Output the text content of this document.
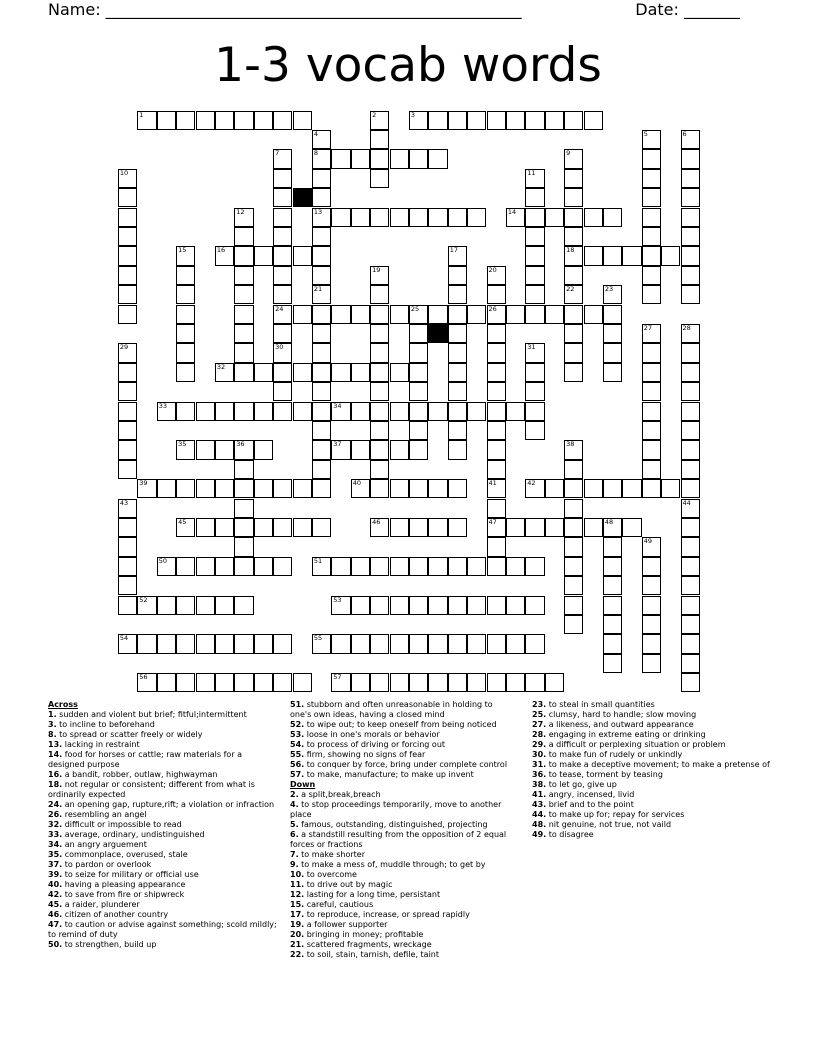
Name: ____________________________________________________	Date: _______
1-3 vocab words
1	3
8
13	14
16	18
24	25	26
32
33	34
35	36	37
39	40	42
45	46	47	48
50	51
52	53
54	55
56	57
2
4
21
5	6
7
30
9
10	11
12
15	17
19	20
41
22	23
27	28
29	31
38
43	44
49
Across
1. sudden and violent but brief; fitful;intermittent
3. to incline to beforehand
8. to spread or scatter freely or widely
13. lacking in restraint
14. food for horses or cattle; raw materials for a designed purpose
16. a bandit, robber, outlaw, highwayman
18. not regular or consistent; different from what is ordinarily expected
24. an opening gap, rupture,rift; a violation or infraction
26. resembling an angel
32. difficult or impossible to read
33. average, ordinary, undistinguished
34. an angry arguement
35. commonplace, overused, stale
37. to pardon or overlook
39. to seize for military or official use
40. having a pleasing appearance
42. to save from fire or shipwreck
45. a raider, plunderer
46. citizen of another country
47. to caution or advise against something; scold mildly; to remind of duty
50. to strengthen, build up
51. stubborn and often unreasonable in holding to one's own ideas, having a closed mind
52. to wipe out; to keep oneself from being noticed
53. loose in one's morals or behavior
54. to process of driving or forcing out
55. firm, showing no signs of fear
56. to conquer by force, bring under complete control
57. to make, manufacture; to make up invent
Down
2. a split,break,breach
4. to stop proceedings temporarily, move to another place
5. famous, outstanding, distinguished, projecting
6. a standstill resulting from the opposition of 2 equal forces or fractions
7. to make shorter
9. to make a mess of, muddle through; to get by
10. to overcome
11. to drive out by magic
12. lasting for a long time, persistant
15. careful, cautious
17. to reproduce, increase, or spread rapidly
19. a follower supporter
20. bringing in money; profitable
21. scattered fragments, wreckage
22. to soil, stain, tarnish, defile, taint
23. to steal in small quantities
25. clumsy, hard to handle; slow moving
27. a likeness, and outward appearance
28. engaging in extreme eating or drinking
29. a difficult or perplexing situation or problem
30. to make fun of rudely or unkindly
31. to make a deceptive movement; to make a pretense of
36. to tease, torment by teasing
38. to let go, give up
41. angry, incensed, livid
43. brief and to the point
44. to make up for; repay for services
48. nit genuine, not true, not vaild
49. to disagree
